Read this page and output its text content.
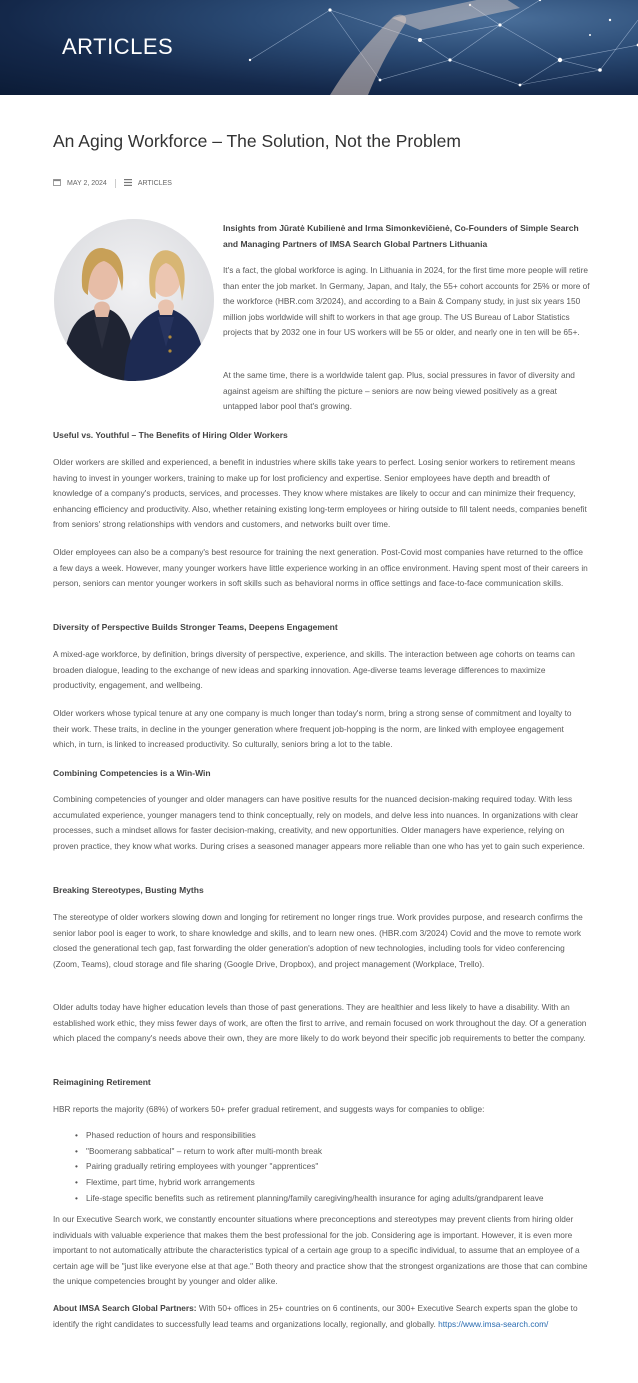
ARTICLES
An Aging Workforce – The Solution, Not the Problem
MAY 2, 2024	ARTICLES

Insights from Jūratė Kubilienė and Irma Simonkevičienė, Co-Founders of Simple Search and Managing Partners of IMSA Search Global Partners Lithuania

It's a fact, the global workforce is aging. In Lithuania in 2024, for the first time more people will retire than enter the job market. In Germany, Japan, and Italy, the 55+ cohort accounts for 25% or more of the workforce (HBR.com 3/2024), and according to a Bain & Company study, in just six years 150 million jobs worldwide will shift to workers in that age group. The US Bureau of Labor Statistics projects that by 2032 one in four US workers will be 55 or older, and nearly one in ten will be 65+.

At the same time, there is a worldwide talent gap. Plus, social pressures in favor of diversity and against ageism are shifting the picture – seniors are now being viewed positively as a great untapped labor pool that's growing.

Useful vs. Youthful – The Benefits of Hiring Older Workers

Older workers are skilled and experienced, a benefit in industries where skills take years to perfect. Losing senior workers to retirement means having to invest in younger workers, training to make up for lost proficiency and expertise. Senior employees have depth and breadth of knowledge of a company's products, services, and processes. They know where mistakes are likely to occur and can minimize their frequency, enhancing efficiency and productivity. Also, whether retaining existing long-term employees or hiring outside to fill talent needs, companies benefit from seniors' strong relationships with vendors and customers, and networks built over time.

Older employees can also be a company's best resource for training the next generation. Post-Covid most companies have returned to the office a few days a week. However, many younger workers have little experience working in an office environment. Having spent most of their careers in person, seniors can mentor younger workers in soft skills such as behavioral norms in office settings and face-to-face communication skills.

Diversity of Perspective Builds Stronger Teams, Deepens Engagement

A mixed-age workforce, by definition, brings diversity of perspective, experience, and skills. The interaction between age cohorts on teams can broaden dialogue, leading to the exchange of new ideas and sparking innovation. Age-diverse teams leverage differences to maximize productivity, engagement, and wellbeing.

Older workers whose typical tenure at any one company is much longer than today's norm, bring a strong sense of commitment and loyalty to their work. These traits, in decline in the younger generation where frequent job-hopping is the norm, are linked with employee engagement which, in turn, is linked to increased productivity. So culturally, seniors bring a lot to the table.

Combining Competencies is a Win-Win

Combining competencies of younger and older managers can have positive results for the nuanced decision-making required today. With less accumulated experience, younger managers tend to think conceptually, rely on models, and delve less into nuances. In organizations with clear processes, such a mindset allows for faster decision-making, creativity, and new opportunities. Older managers have experience, relying on proven practice, they know what works. During crises a seasoned manager appears more reliable than one who has yet to gain such experience.

Breaking Stereotypes, Busting Myths

The stereotype of older workers slowing down and longing for retirement no longer rings true. Work provides purpose, and research confirms the senior labor pool is eager to work, to share knowledge and skills, and to learn new ones. (HBR.com 3/2024) Covid and the move to remote work closed the generational tech gap, fast forwarding the older generation's adoption of new technologies, including tools for video conferencing (Zoom, Teams), cloud storage and file sharing (Google Drive, Dropbox), and project management (Workplace, Trello).

Older adults today have higher education levels than those of past generations. They are healthier and less likely to have a disability. With an established work ethic, they miss fewer days of work, are often the first to arrive, and remain focused on work throughout the day. Of a generation which placed the company's needs above their own, they are more likely to do work beyond their specific job requirements to better the company.

Reimagining Retirement

HBR reports the majority (68%) of workers 50+ prefer gradual retirement, and suggests ways for companies to oblige:

• Phased reduction of hours and responsibilities
• "Boomerang sabbatical" – return to work after multi-month break
• Pairing gradually retiring employees with younger "apprentices"
• Flextime, part time, hybrid work arrangements
• Life-stage specific benefits such as retirement planning/family caregiving/health insurance for aging adults/grandparent leave

In our Executive Search work, we constantly encounter situations where preconceptions and stereotypes may prevent clients from hiring older individuals with valuable experience that makes them the best professional for the job. Considering age is important. However, it is even more important to not automatically attribute the characteristics typical of a certain age group to a specific individual, to assume that an employee of a certain age will be "just like everyone else at that age." Both theory and practice show that the strongest organizations are those that can combine the unique competencies brought by younger and older alike.

About IMSA Search Global Partners: With 50+ offices in 25+ countries on 6 continents, our 300+ Executive Search experts span the globe to identify the right candidates to successfully lead teams and organizations locally, regionally, and globally. https://www.imsa-search.com/
